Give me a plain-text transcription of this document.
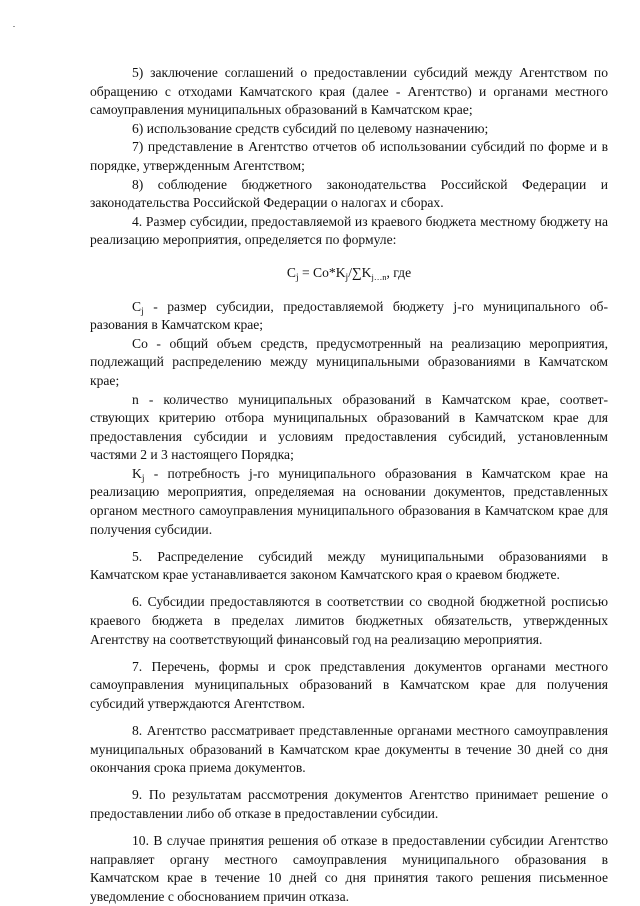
5) заключение соглашений о предоставлении субсидий между Агентством по обращению с отходами Камчатского края (далее - Агентство) и органами местного самоуправления муниципальных образований в Камчатском крае;

6) использование средств субсидий по целевому назначению;

7) представление в Агентство отчетов об использовании субсидий по форме и в порядке, утвержденным Агентством;

8) соблюдение бюджетного законодательства Российской Федерации и законодательства Российской Федерации о налогах и сборах.

4. Размер субсидии, предоставляемой из краевого бюджета местному бюджету на реализацию мероприятия, определяется по формуле:

$C_j = Co*K_j/\sum K_{j\dots n}$, где

$C_j$ - размер субсидии, предоставляемой бюджету j-го муниципального образования в Камчатском крае;

Co - общий объем средств, предусмотренный на реализацию мероприятия, подлежащий распределению между муниципальными образованиями в Камчатском крае;

n - количество муниципальных образований в Камчатском крае, соответствующих критерию отбора муниципальных образований в Камчатском крае для предоставления субсидии и условиям предоставления субсидий, установленным частями 2 и 3 настоящего Порядка;

$K_j$ - потребность j-го муниципального образования в Камчатском крае на реализацию мероприятия, определяемая на основании документов, представленных органом местного самоуправления муниципального образования в Камчатском крае для получения субсидии.

5. Распределение субсидий между муниципальными образованиями в Камчатском крае устанавливается законом Камчатского края о краевом бюджете.

6. Субсидии предоставляются в соответствии со сводной бюджетной росписью краевого бюджета в пределах лимитов бюджетных обязательств, утвержденных Агентству на соответствующий финансовый год на реализацию мероприятия.

7. Перечень, формы и срок представления документов органами местного самоуправления муниципальных образований в Камчатском крае для получения субсидий утверждаются Агентством.

8. Агентство рассматривает представленные органами местного самоуправления муниципальных образований в Камчатском крае документы в течение 30 дней со дня окончания срока приема документов.

9. По результатам рассмотрения документов Агентство принимает решение о предоставлении либо об отказе в предоставлении субсидии.

10. В случае принятия решения об отказе в предоставлении субсидии Агентство направляет органу местного самоуправления муниципального образования в Камчатском крае в течение 10 дней со дня принятия такого решения письменное уведомление с обоснованием причин отказа.
